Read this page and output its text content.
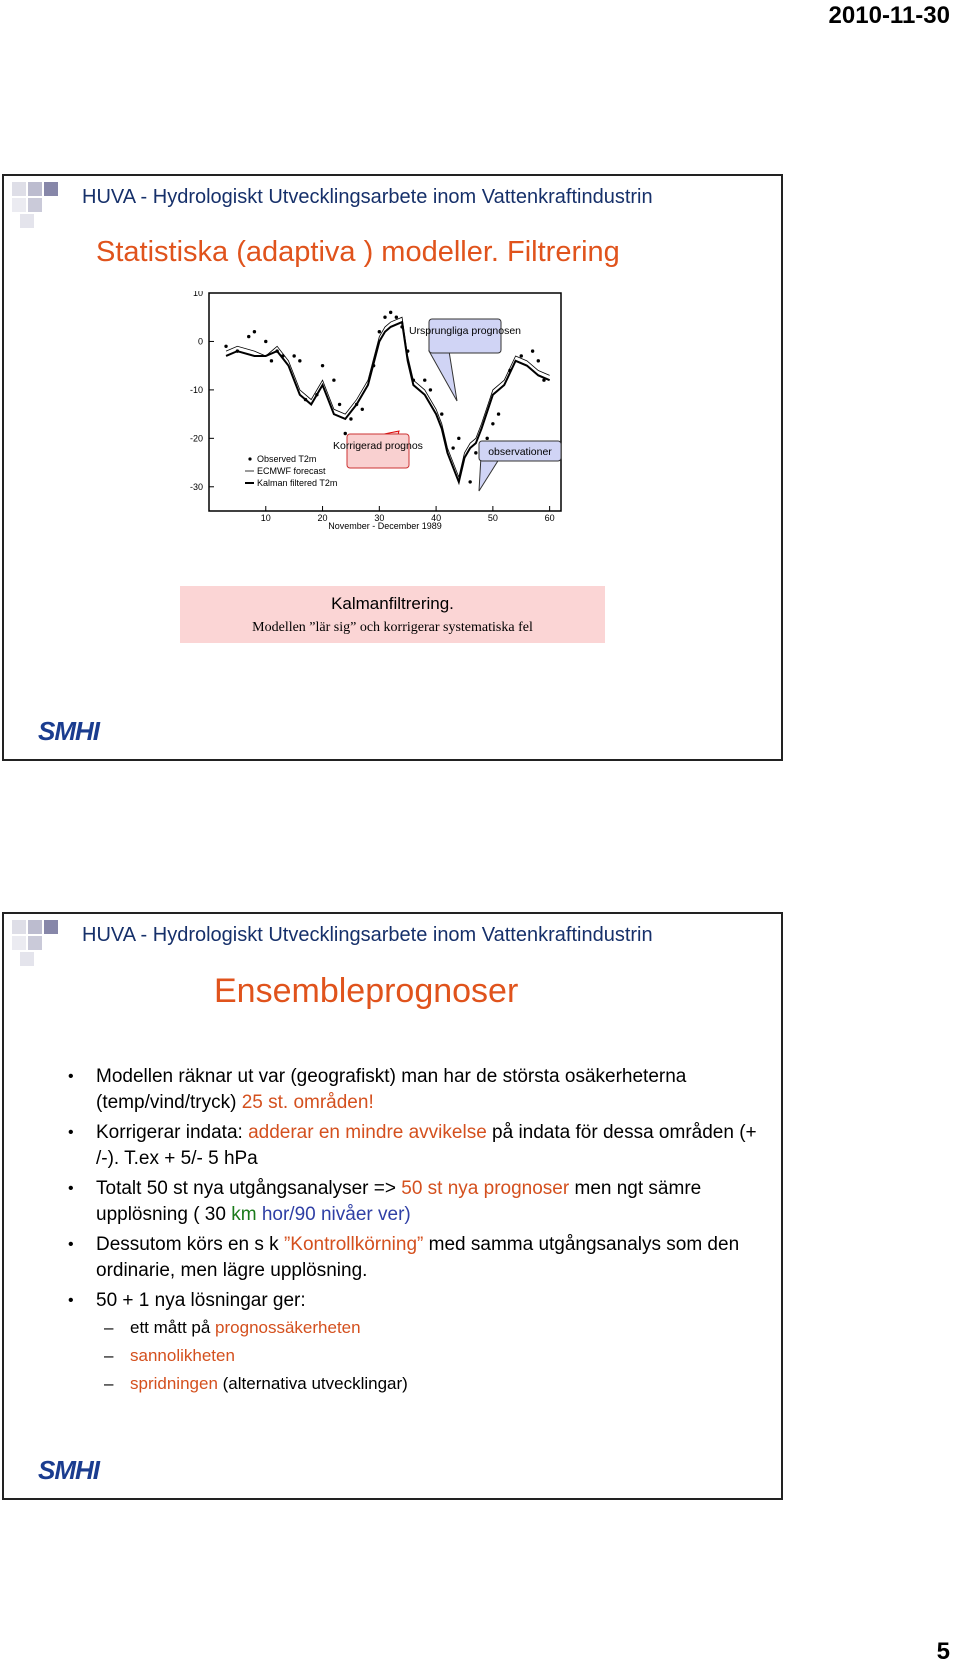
2010-11-30
HUVA - Hydrologiskt Utvecklingsarbete inom Vattenkraftindustrin
Statistiska (adaptiva ) modeller. Filtrering
10
0
-10
-20
-30
10	20	30	40	50	60
November - December 1989
Observed T2m
ECMWF forecast
Kalman filtered T2m
Ursprungliga prognosen
Korrigerad prognos	observationer
Kalmanfiltrering.
Modellen ”lär sig” och korrigerar systematiska fel
SMHI
HUVA - Hydrologiskt Utvecklingsarbete inom Vattenkraftindustrin
Ensembleprognoser
• Modellen räknar ut var (geografiskt) man har de största osäkerheterna (temp/vind/tryck) 25 st. områden!
• Korrigerar indata: adderar en mindre avvikelse på indata för dessa områden (+ /-). T.ex + 5/- 5 hPa
• Totalt 50 st nya utgångsanalyser => 50 st nya prognoser men ngt sämre upplösning ( 30 km hor/90 nivåer ver)
• Dessutom körs en s k ”Kontrollkörning” med samma utgångsanalys som den ordinarie, men lägre upplösning.
• 50 + 1 nya lösningar ger:
– ett mått på prognossäkerheten
– sannolikheten
– spridningen (alternativa utvecklingar)
SMHI
5
